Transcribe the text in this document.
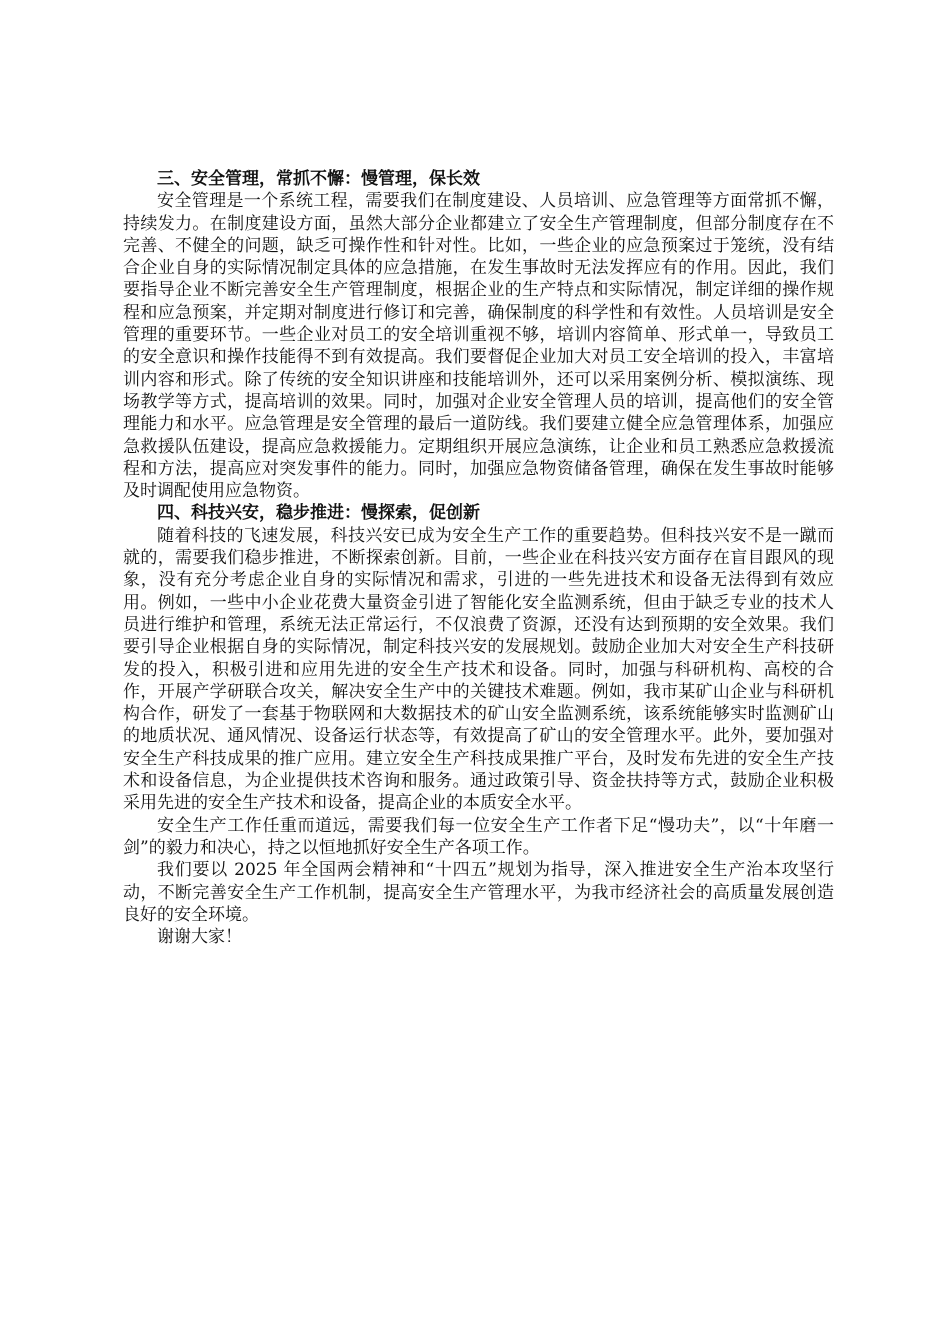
三、安全管理，常抓不懈：慢管理，保长效

安全管理是一个系统工程，需要我们在制度建设、人员培训、应急管理等方面常抓不懈，持续发力。在制度建设方面，虽然大部分企业都建立了安全生产管理制度，但部分制度存在不完善、不健全的问题，缺乏可操作性和针对性。比如，一些企业的应急预案过于笼统，没有结合企业自身的实际情况制定具体的应急措施，在发生事故时无法发挥应有的作用。因此，我们要指导企业不断完善安全生产管理制度，根据企业的生产特点和实际情况，制定详细的操作规程和应急预案，并定期对制度进行修订和完善，确保制度的科学性和有效性。人员培训是安全管理的重要环节。一些企业对员工的安全培训重视不够，培训内容简单、形式单一，导致员工的安全意识和操作技能得不到有效提高。我们要督促企业加大对员工安全培训的投入，丰富培训内容和形式。除了传统的安全知识讲座和技能培训外，还可以采用案例分析、模拟演练、现场教学等方式，提高培训的效果。同时，加强对企业安全管理人员的培训，提高他们的安全管理能力和水平。应急管理是安全管理的最后一道防线。我们要建立健全应急管理体系，加强应急救援队伍建设，提高应急救援能力。定期组织开展应急演练，让企业和员工熟悉应急救援流程和方法，提高应对突发事件的能力。同时，加强应急物资储备管理，确保在发生事故时能够及时调配使用应急物资。

四、科技兴安，稳步推进：慢探索，促创新

随着科技的飞速发展，科技兴安已成为安全生产工作的重要趋势。但科技兴安不是一蹴而就的，需要我们稳步推进，不断探索创新。目前，一些企业在科技兴安方面存在盲目跟风的现象，没有充分考虑企业自身的实际情况和需求，引进的一些先进技术和设备无法得到有效应用。例如，一些中小企业花费大量资金引进了智能化安全监测系统，但由于缺乏专业的技术人员进行维护和管理，系统无法正常运行，不仅浪费了资源，还没有达到预期的安全效果。我们要引导企业根据自身的实际情况，制定科技兴安的发展规划。鼓励企业加大对安全生产科技研发的投入，积极引进和应用先进的安全生产技术和设备。同时，加强与科研机构、高校的合作，开展产学研联合攻关，解决安全生产中的关键技术难题。例如，我市某矿山企业与科研机构合作，研发了一套基于物联网和大数据技术的矿山安全监测系统，该系统能够实时监测矿山的地质状况、通风情况、设备运行状态等，有效提高了矿山的安全管理水平。此外，要加强对安全生产科技成果的推广应用。建立安全生产科技成果推广平台，及时发布先进的安全生产技术和设备信息，为企业提供技术咨询和服务。通过政策引导、资金扶持等方式，鼓励企业积极采用先进的安全生产技术和设备，提高企业的本质安全水平。

安全生产工作任重而道远，需要我们每一位安全生产工作者下足“慢功夫”，以“十年磨一剑”的毅力和决心，持之以恒地抓好安全生产各项工作。

我们要以 2025 年全国两会精神和“十四五”规划为指导，深入推进安全生产治本攻坚行动，不断完善安全生产工作机制，提高安全生产管理水平，为我市经济社会的高质量发展创造良好的安全环境。

谢谢大家！
